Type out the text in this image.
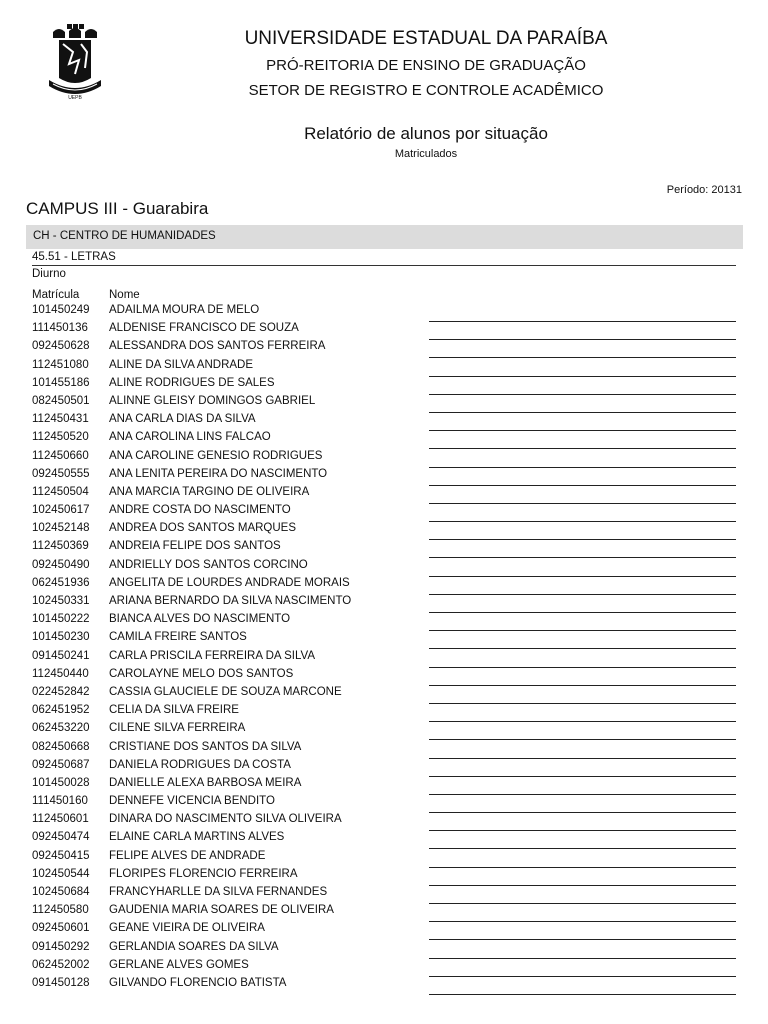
UEPB
UNIVERSIDADE ESTADUAL DA PARAÍBA
PRÓ-REITORIA DE ENSINO DE GRADUAÇÃO
SETOR DE REGISTRO E CONTROLE ACADÊMICO
Relatório de alunos por situação
Matriculados
Período: 20131
CAMPUS III - Guarabira
CH - CENTRO DE HUMANIDADES
45.51 - LETRAS
Diurno
Matrícula	Nome
101450249 ADAILMA MOURA DE MELO
111450136 ALDENISE FRANCISCO DE SOUZA
092450628 ALESSANDRA DOS SANTOS FERREIRA
112451080 ALINE DA SILVA ANDRADE
101455186 ALINE RODRIGUES DE SALES
082450501 ALINNE GLEISY DOMINGOS GABRIEL
112450431 ANA CARLA DIAS DA SILVA
112450520 ANA CAROLINA LINS FALCAO
112450660 ANA CAROLINE GENESIO RODRIGUES
092450555 ANA LENITA PEREIRA DO NASCIMENTO
112450504 ANA MARCIA TARGINO DE OLIVEIRA
102450617 ANDRE COSTA DO NASCIMENTO
102452148 ANDREA DOS SANTOS MARQUES
112450369 ANDREIA FELIPE DOS SANTOS
092450490 ANDRIELLY DOS SANTOS CORCINO
062451936 ANGELITA DE LOURDES ANDRADE MORAIS
102450331 ARIANA BERNARDO DA SILVA NASCIMENTO
101450222 BIANCA ALVES DO NASCIMENTO
101450230 CAMILA FREIRE SANTOS
091450241 CARLA PRISCILA FERREIRA DA SILVA
112450440 CAROLAYNE MELO DOS SANTOS
022452842 CASSIA GLAUCIELE DE SOUZA MARCONE
062451952 CELIA DA SILVA FREIRE
062453220 CILENE SILVA FERREIRA
082450668 CRISTIANE DOS SANTOS DA SILVA
092450687 DANIELA RODRIGUES DA COSTA
101450028 DANIELLE ALEXA BARBOSA MEIRA
111450160 DENNEFE VICENCIA BENDITO
112450601 DINARA DO NASCIMENTO SILVA OLIVEIRA
092450474 ELAINE CARLA MARTINS ALVES
092450415 FELIPE ALVES DE ANDRADE
102450544 FLORIPES FLORENCIO FERREIRA
102450684 FRANCYHARLLE DA SILVA FERNANDES
112450580 GAUDENIA MARIA SOARES DE OLIVEIRA
092450601 GEANE VIEIRA DE OLIVEIRA
091450292 GERLANDIA SOARES DA SILVA
062452002 GERLANE ALVES GOMES
091450128 GILVANDO FLORENCIO BATISTA
